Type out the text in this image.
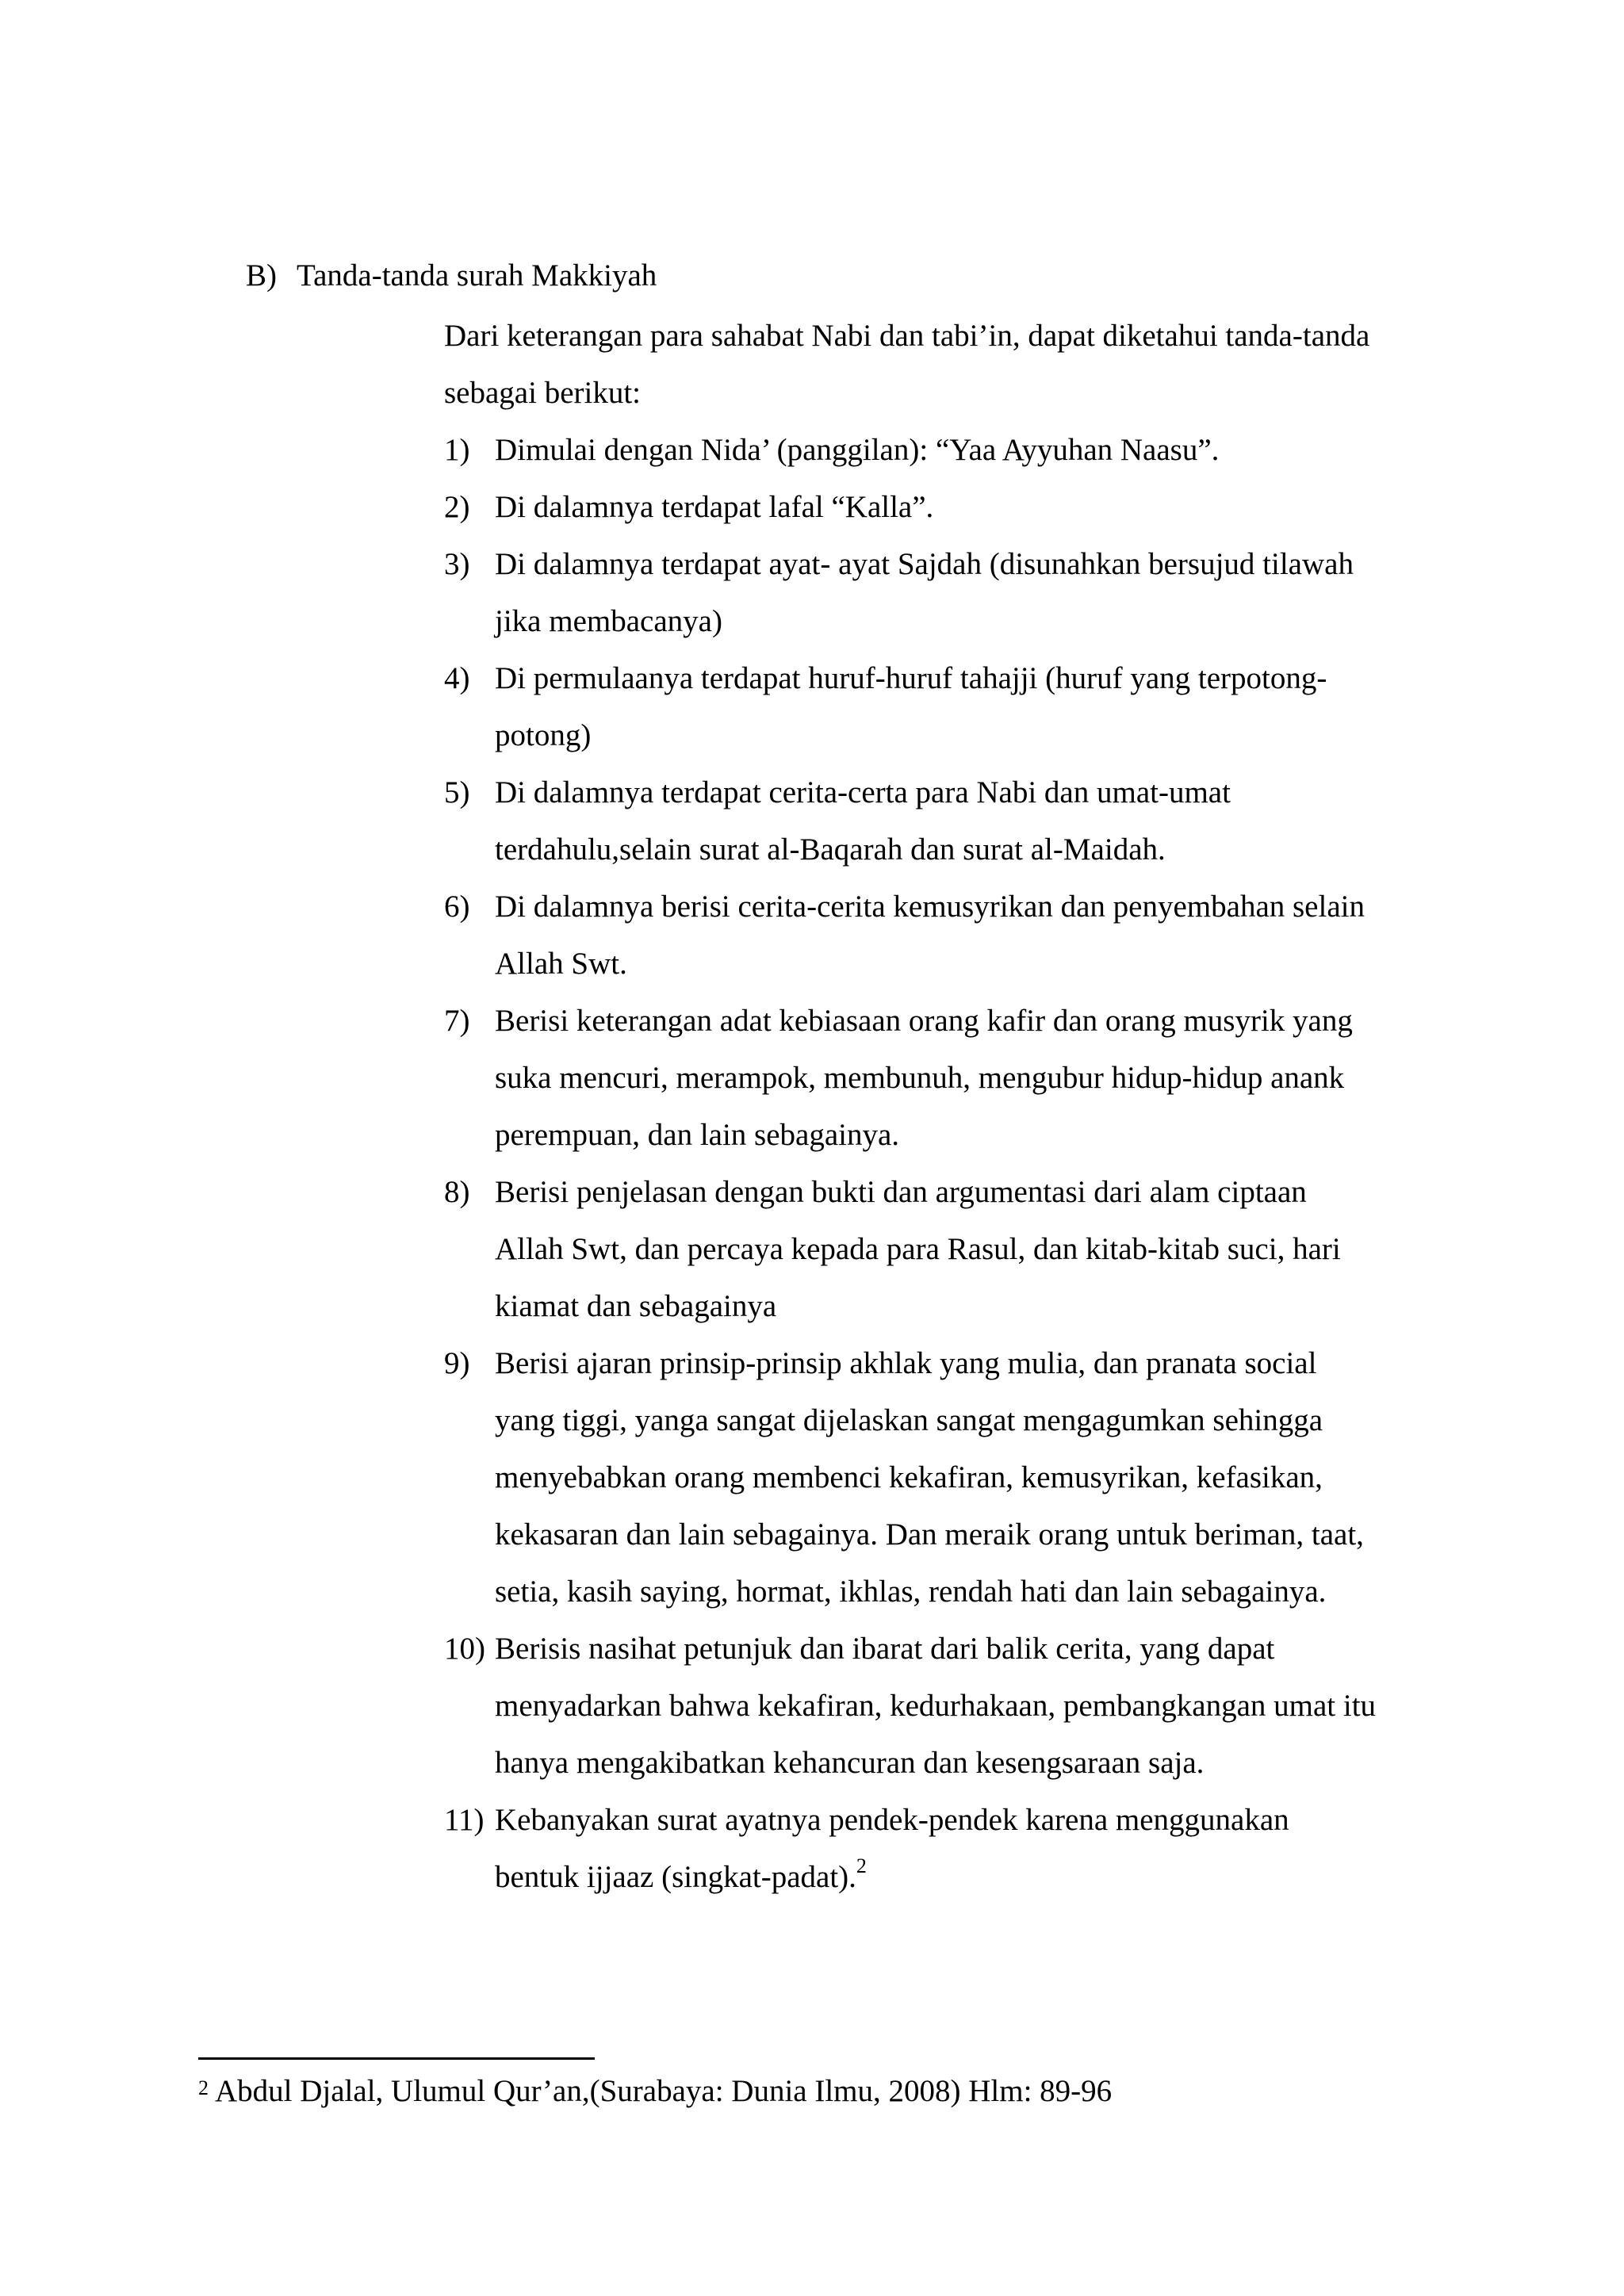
B) Tanda-tanda surah Makkiyah
Dari keterangan para sahabat Nabi dan tabi’in, dapat diketahui tanda-tanda
sebagai berikut:
1) Dimulai dengan Nida’ (panggilan): “Yaa Ayyuhan Naasu”.
2) Di dalamnya terdapat lafal “Kalla”.
3) Di dalamnya terdapat ayat- ayat Sajdah (disunahkan bersujud tilawah
jika membacanya)
4) Di permulaanya terdapat huruf-huruf tahajji (huruf yang terpotong-
potong)
5) Di dalamnya terdapat cerita-certa para Nabi dan umat-umat
terdahulu,selain surat al-Baqarah dan surat al-Maidah.
6) Di dalamnya berisi cerita-cerita kemusyrikan dan penyembahan selain
Allah Swt.
7) Berisi keterangan adat kebiasaan orang kafir dan orang musyrik yang
suka mencuri, merampok, membunuh, mengubur hidup-hidup anank
perempuan, dan lain sebagainya.
8) Berisi penjelasan dengan bukti dan argumentasi dari alam ciptaan
Allah Swt, dan percaya kepada para Rasul, dan kitab-kitab suci, hari
kiamat dan sebagainya
9) Berisi ajaran prinsip-prinsip akhlak yang mulia, dan pranata social
yang tiggi, yanga sangat dijelaskan sangat mengagumkan sehingga
menyebabkan orang membenci kekafiran, kemusyrikan, kefasikan,
kekasaran dan lain sebagainya. Dan meraik orang untuk beriman, taat,
setia, kasih saying, hormat, ikhlas, rendah hati dan lain sebagainya.
10) Berisis nasihat petunjuk dan ibarat dari balik cerita, yang dapat
menyadarkan bahwa kekafiran, kedurhakaan, pembangkangan umat itu
hanya mengakibatkan kehancuran dan kesengsaraan saja.
11) Kebanyakan surat ayatnya pendek-pendek karena menggunakan
bentuk ijjaaz (singkat-padat).$^2$
$^2$ Abdul Djalal, Ulumul Qur’an,(Surabaya: Dunia Ilmu, 2008) Hlm: 89-96
